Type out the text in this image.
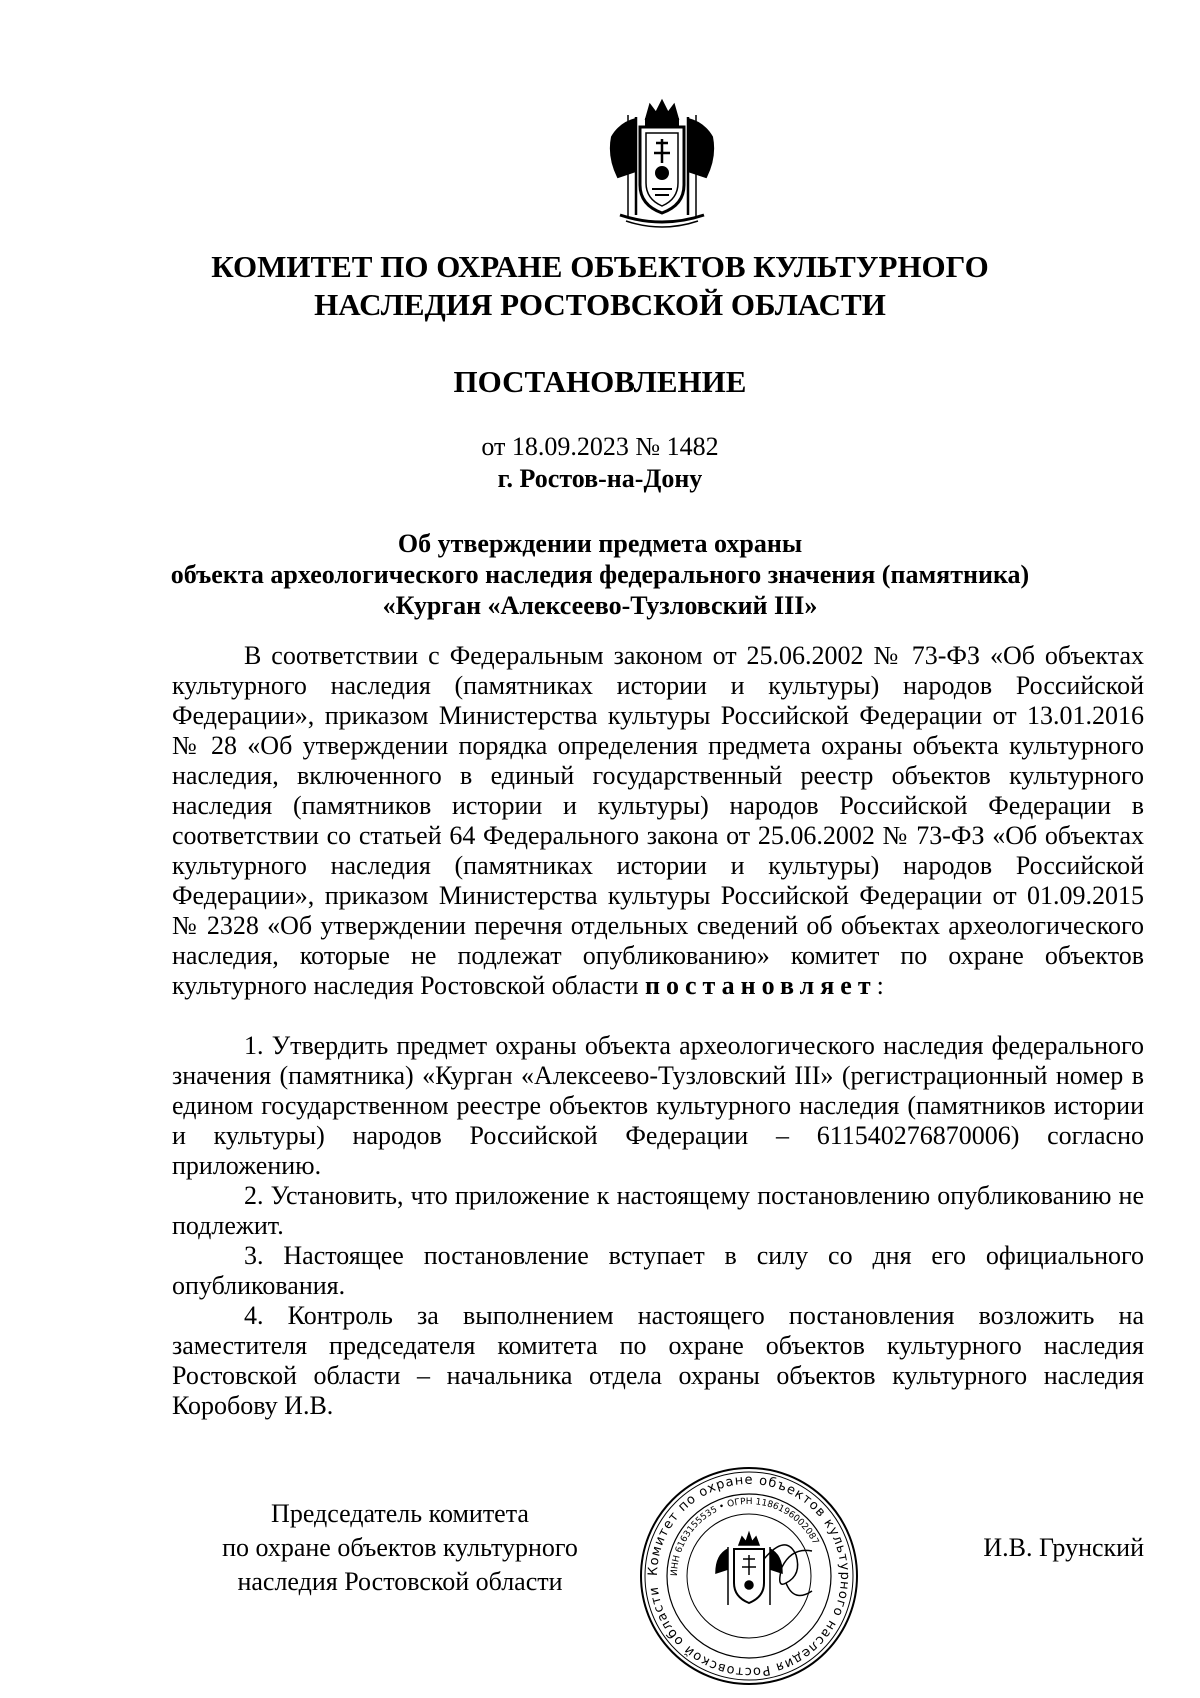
КОМИТЕТ ПО ОХРАНЕ ОБЪЕКТОВ КУЛЬТУРНОГО
НАСЛЕДИЯ РОСТОВСКОЙ ОБЛАСТИ
ПОСТАНОВЛЕНИЕ
от 18.09.2023 № 1482
г. Ростов-на-Дону
Об утверждении предмета охраны
объекта археологического наследия федерального значения (памятника)
«Курган «Алексеево-Тузловский III»

В соответствии с Федеральным законом от 25.06.2002 № 73-ФЗ «Об объектах культурного наследия (памятниках истории и культуры) народов Российской Федерации», приказом Министерства культуры Российской Федерации от 13.01.2016 № 28 «Об утверждении порядка определения предмета охраны объекта культурного наследия, включенного в единый государственный реестр объектов культурного наследия (памятников истории и культуры) народов Российской Федерации в соответствии со статьей 64 Федерального закона от 25.06.2002 № 73-ФЗ «Об объектах культурного наследия (памятниках истории и культуры) народов Российской Федерации», приказом Министерства культуры Российской Федерации от 01.09.2015 № 2328 «Об утверждении перечня отдельных сведений об объектах археологического наследия, которые не подлежат опубликованию» комитет по охране объектов культурного наследия Ростовской области постановляет:

1. Утвердить предмет охраны объекта археологического наследия федерального значения (памятника) «Курган «Алексеево-Тузловский III» (регистрационный номер в едином государственном реестре объектов культурного наследия (памятников истории и культуры) народов Российской Федерации – 611540276870006) согласно приложению.

2. Установить, что приложение к настоящему постановлению опубликованию не подлежит.

3. Настоящее постановление вступает в силу со дня его официального опубликования.

4. Контроль за выполнением настоящего постановления возложить на заместителя председателя комитета по охране объектов культурного наследия Ростовской области – начальника отдела охраны объектов культурного наследия Коробову И.В.

Председатель комитета
по охране объектов культурного
наследия Ростовской области	Комитет по охране объектов культурного наследия Ростовской области
ИНН 6163155535 • ОГРН 1186196002087	И.В. Грунский
